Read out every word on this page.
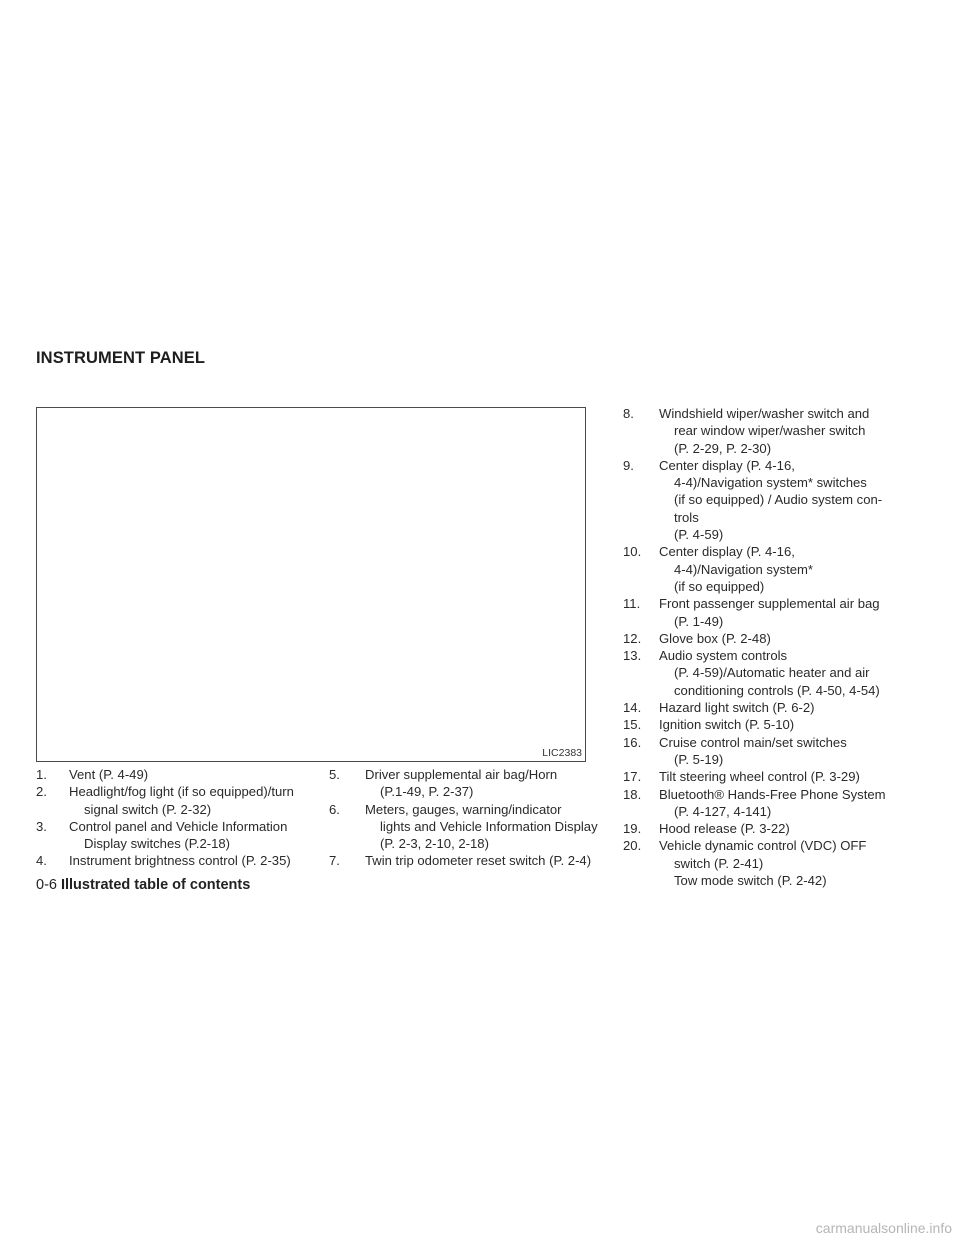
INSTRUMENT PANEL
LIC2383
1.	Vent (P. 4-49)
2.	Headlight/fog light (if so equipped)/turn
signal switch (P. 2-32)
3.	Control panel and Vehicle Information
Display switches (P.2-18)
4.	Instrument brightness control (P. 2-35)
5.	Driver supplemental air bag/Horn
(P.1-49, P. 2-37)
6.	Meters, gauges, warning/indicator
lights and Vehicle Information Display
(P. 2-3, 2-10, 2-18)
7.	Twin trip odometer reset switch (P. 2-4)
8.	Windshield wiper/washer switch and
rear window wiper/washer switch
(P. 2-29, P. 2-30)
9.	Center display (P. 4-16,
4-4)/Navigation system* switches
(if so equipped) / Audio system con-
trols
(P. 4-59)
10.	Center display (P. 4-16,
4-4)/Navigation system*
(if so equipped)
11.	Front passenger supplemental air bag
(P. 1-49)
12.	Glove box (P. 2-48)
13.	Audio system controls
(P. 4-59)/Automatic heater and air
conditioning controls (P. 4-50, 4-54)
14.	Hazard light switch (P. 6-2)
15.	Ignition switch (P. 5-10)
16.	Cruise control main/set switches
(P. 5-19)
17.	Tilt steering wheel control (P. 3-29)
18.	Bluetooth® Hands-Free Phone System
(P. 4-127, 4-141)
19.	Hood release (P. 3-22)
20.	Vehicle dynamic control (VDC) OFF
switch (P. 2-41)
Tow mode switch (P. 2-42)
0-6 Illustrated table of contents
carmanualsonline.info
